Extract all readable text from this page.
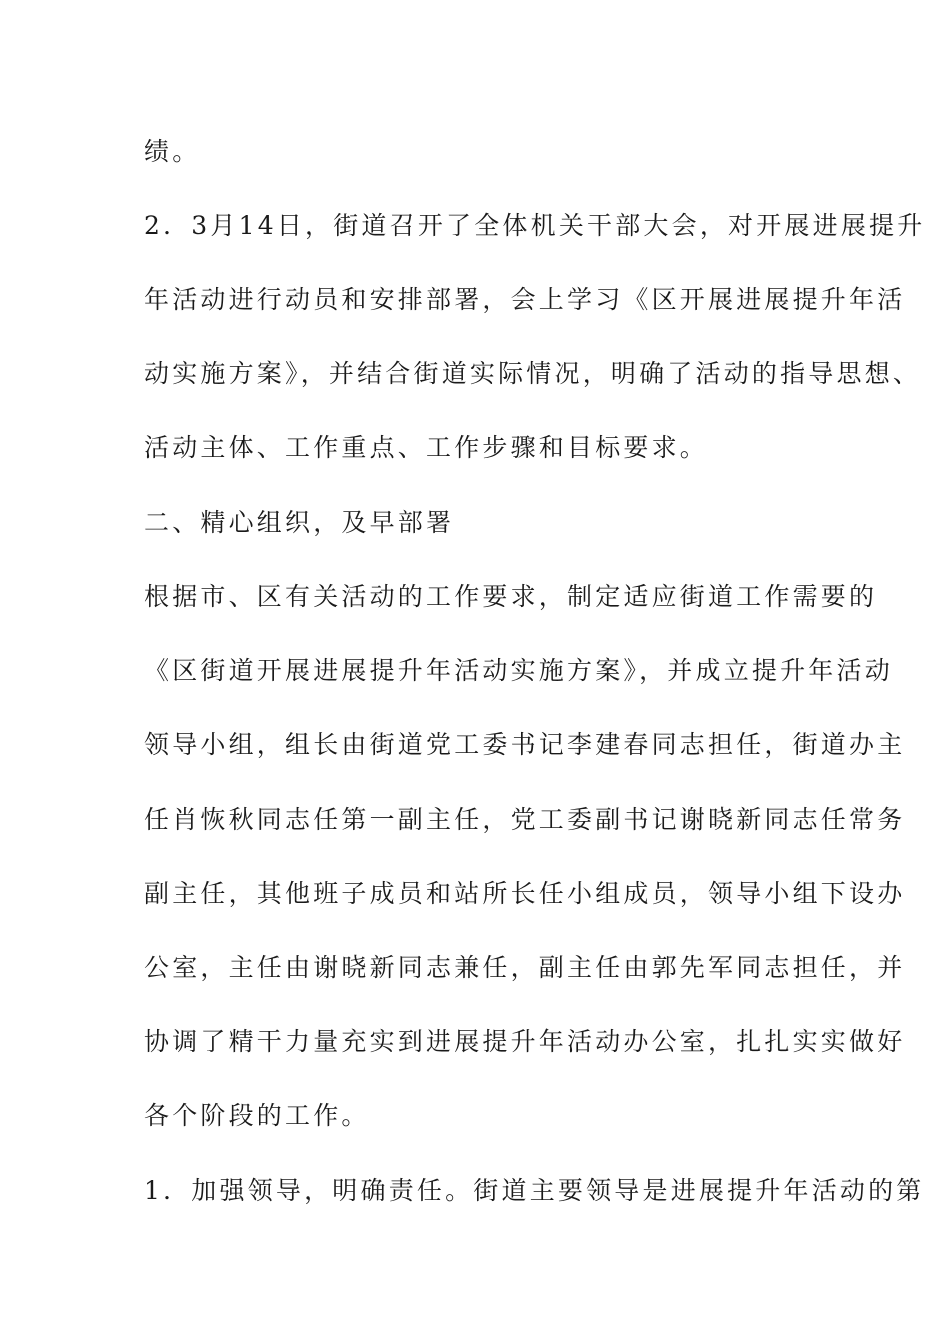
绩。
2．3月14日，街道召开了全体机关干部大会，对开展进展提升
年活动进行动员和安排部署，会上学习《区开展进展提升年活
动实施方案》，并结合街道实际情况，明确了活动的指导思想、
活动主体、工作重点、工作步骤和目标要求。
二、精心组织，及早部署
根据市、区有关活动的工作要求，制定适应街道工作需要的
《区街道开展进展提升年活动实施方案》，并成立提升年活动
领导小组，组长由街道党工委书记李建春同志担任，街道办主
任肖恢秋同志任第一副主任，党工委副书记谢晓新同志任常务
副主任，其他班子成员和站所长任小组成员，领导小组下设办
公室，主任由谢晓新同志兼任，副主任由郭先军同志担任，并
协调了精干力量充实到进展提升年活动办公室，扎扎实实做好
各个阶段的工作。
1．加强领导，明确责任。街道主要领导是进展提升年活动的第
